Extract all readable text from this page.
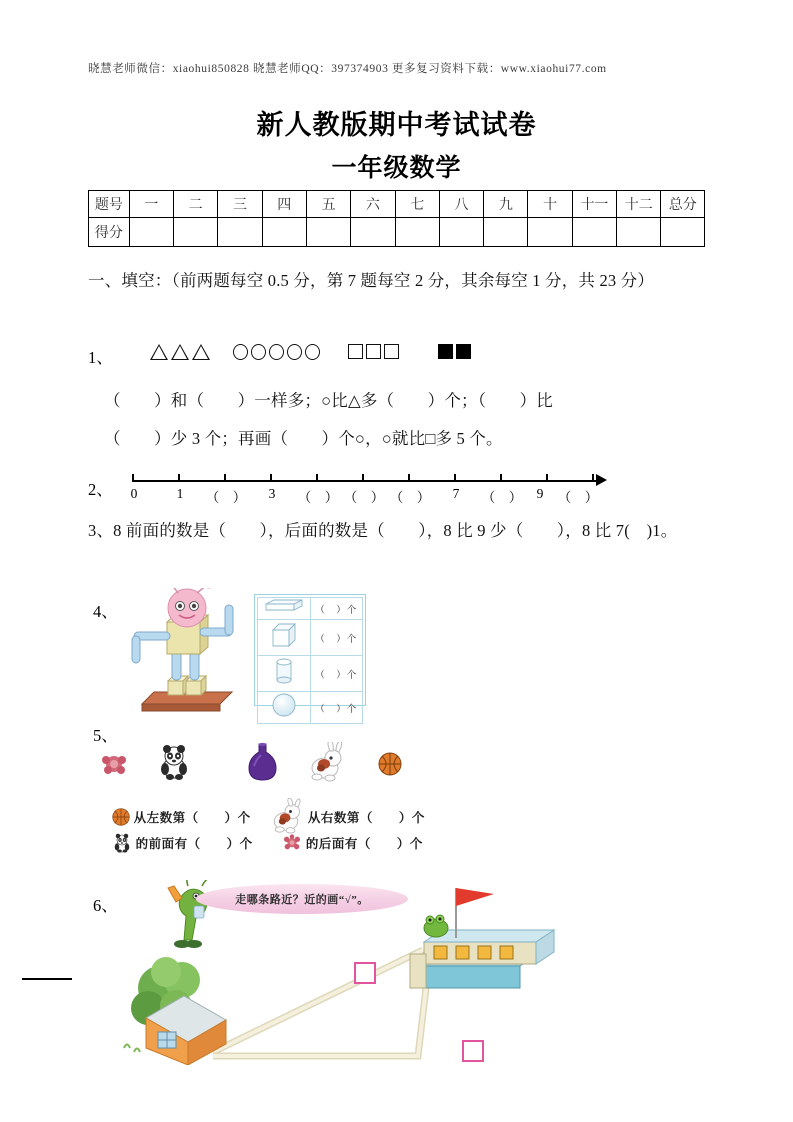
晓慧老师微信：xiaohui850828 晓慧老师QQ：397374903 更多复习资料下载：www.xiaohui77.com
新人教版期中考试试卷
一年级数学
题号	一	二	三	四	五	六	七	八	九	十	十一	十二	总分
得分													
一、填空：（前两题每空 0.5 分，第 7 题每空 2 分，其余每空 1 分，共 23 分）
1、
（　　）和（　　）一样多；○比△多（　　）个；（　　）比
（　　）少 3 个；再画（　　）个○，○就比□多 5 个。
2、 0	1 （　） 3 （　） （　） （　） 7 （　） 9 （　）
3、8 前面的数是（　　），后面的数是（　　），8 比 9 少（　　），8 比 7(　)1。
4、
		（　）个
	（　）个
	（　）个
	（　）个
5、
从左数第（　　）个	从右数第（　　）个
的前面有（　　）个	的后面有（　　）个
6、	走哪条路近？近的画“√”。
